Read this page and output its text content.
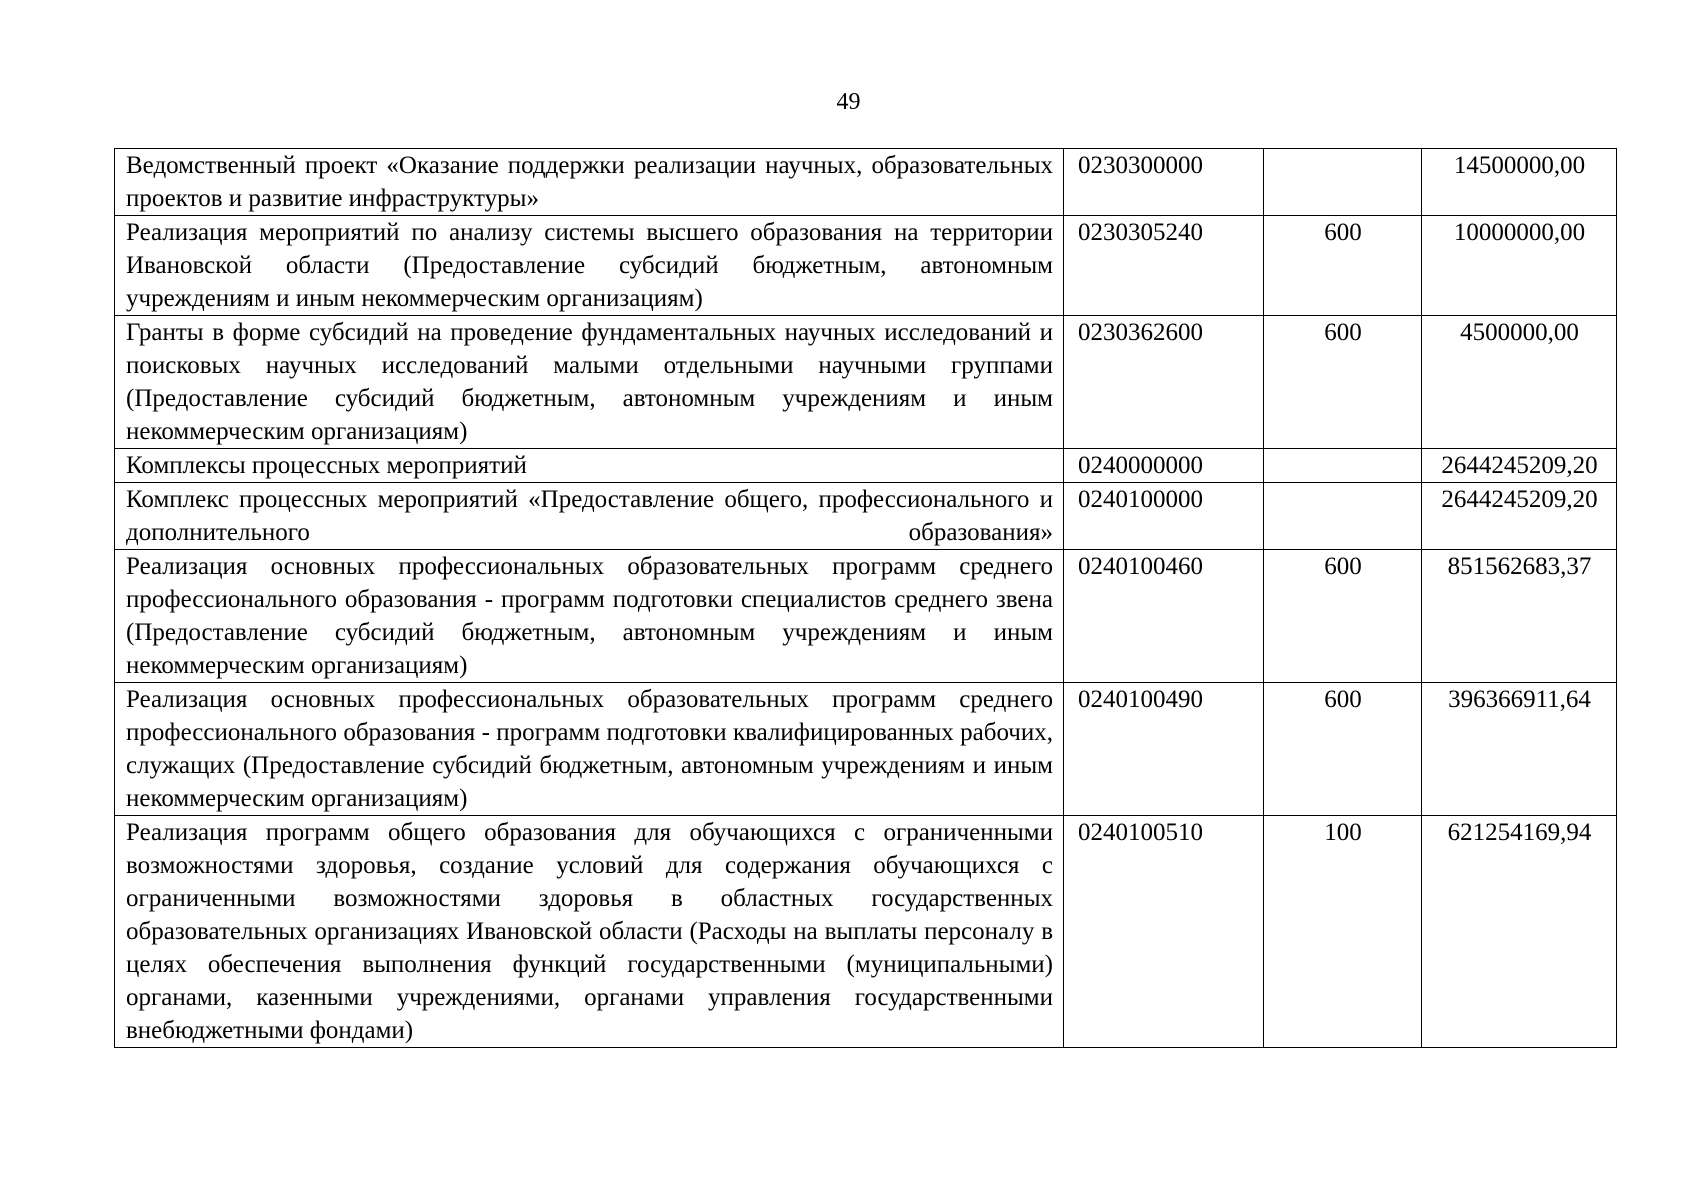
49
Ведомственный проект «Оказание поддержки реализации научных, образовательных проектов и развитие инфраструктуры»	0230300000		14500000,00
Реализация мероприятий по анализу системы высшего образования на территории Ивановской области (Предоставление субсидий бюджетным, автономным учреждениям и иным некоммерческим организациям)	0230305240	600	10000000,00
Гранты в форме субсидий на проведение фундаментальных научных исследований и поисковых научных исследований малыми отдельными научными группами (Предоставление субсидий бюджетным, автономным учреждениям и иным некоммерческим организациям)	0230362600	600	4500000,00
Комплексы процессных мероприятий	0240000000		2644245209,20
Комплекс процессных мероприятий «Предоставление общего, профессионального и дополнительного образования»	0240100000		2644245209,20
Реализация основных профессиональных образовательных программ среднего профессионального образования - программ подготовки специалистов среднего звена (Предоставление субсидий бюджетным, автономным учреждениям и иным некоммерческим организациям)	0240100460	600	851562683,37
Реализация основных профессиональных образовательных программ среднего профессионального образования - программ подготовки квалифицированных рабочих, служащих (Предоставление субсидий бюджетным, автономным учреждениям и иным некоммерческим организациям)	0240100490	600	396366911,64
Реализация программ общего образования для обучающихся с ограниченными возможностями здоровья, создание условий для содержания обучающихся с ограниченными возможностями здоровья в областных государственных образовательных организациях Ивановской области (Расходы на выплаты персоналу в целях обеспечения выполнения функций государственными (муниципальными) органами, казенными учреждениями, органами управления государственными внебюджетными фондами)	0240100510	100	621254169,94
